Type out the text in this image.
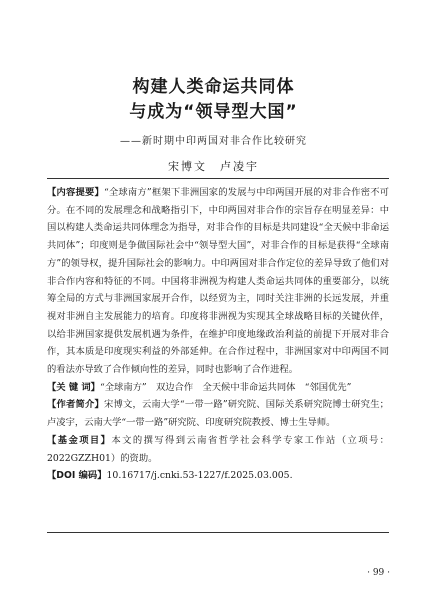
构建人类命运共同体
与成为“领导型大国”
——新时期中印两国对非合作比较研究
宋博文　卢凌宇

【内容提要】“全球南方”框架下非洲国家的发展与中印两国开展的对非合作密不可分。在不同的发展理念和战略指引下，中印两国对非合作的宗旨存在明显差异：中国以构建人类命运共同体理念为指导，对非合作的目标是共同建设“全天候中非命运共同体”；印度则是争做国际社会中“领导型大国”，对非合作的目标是获得“全球南方”的领导权，提升国际社会的影响力。中印两国对非合作定位的差异导致了他们对非合作内容和特征的不同。中国将非洲视为构建人类命运共同体的重要部分，以统筹全局的方式与非洲国家展开合作，以经贸为主，同时关注非洲的长远发展，并重视对非洲自主发展能力的培育。印度将非洲视为实现其全球战略目标的关键伙伴，以给非洲国家提供发展机遇为条件，在维护印度地缘政治利益的前提下开展对非合作，其本质是印度现实利益的外部延伸。在合作过程中，非洲国家对中印两国不同的看法亦导致了合作倾向性的差异，同时也影响了合作进程。

【关 键 词】“全球南方”　双边合作　全天候中非命运共同体　“邻国优先”

【作者简介】宋博文，云南大学“一带一路”研究院、国际关系研究院博士研究生；卢凌宇，云南大学“一带一路”研究院、印度研究院教授、博士生导师。

【基金项目】本文的撰写得到云南省哲学社会科学专家工作站（立项号：2022GZZH01）的资助。

【DOI 编码】10.16717/j.cnki.53-1227/f.2025.03.005.

· 99 ·
